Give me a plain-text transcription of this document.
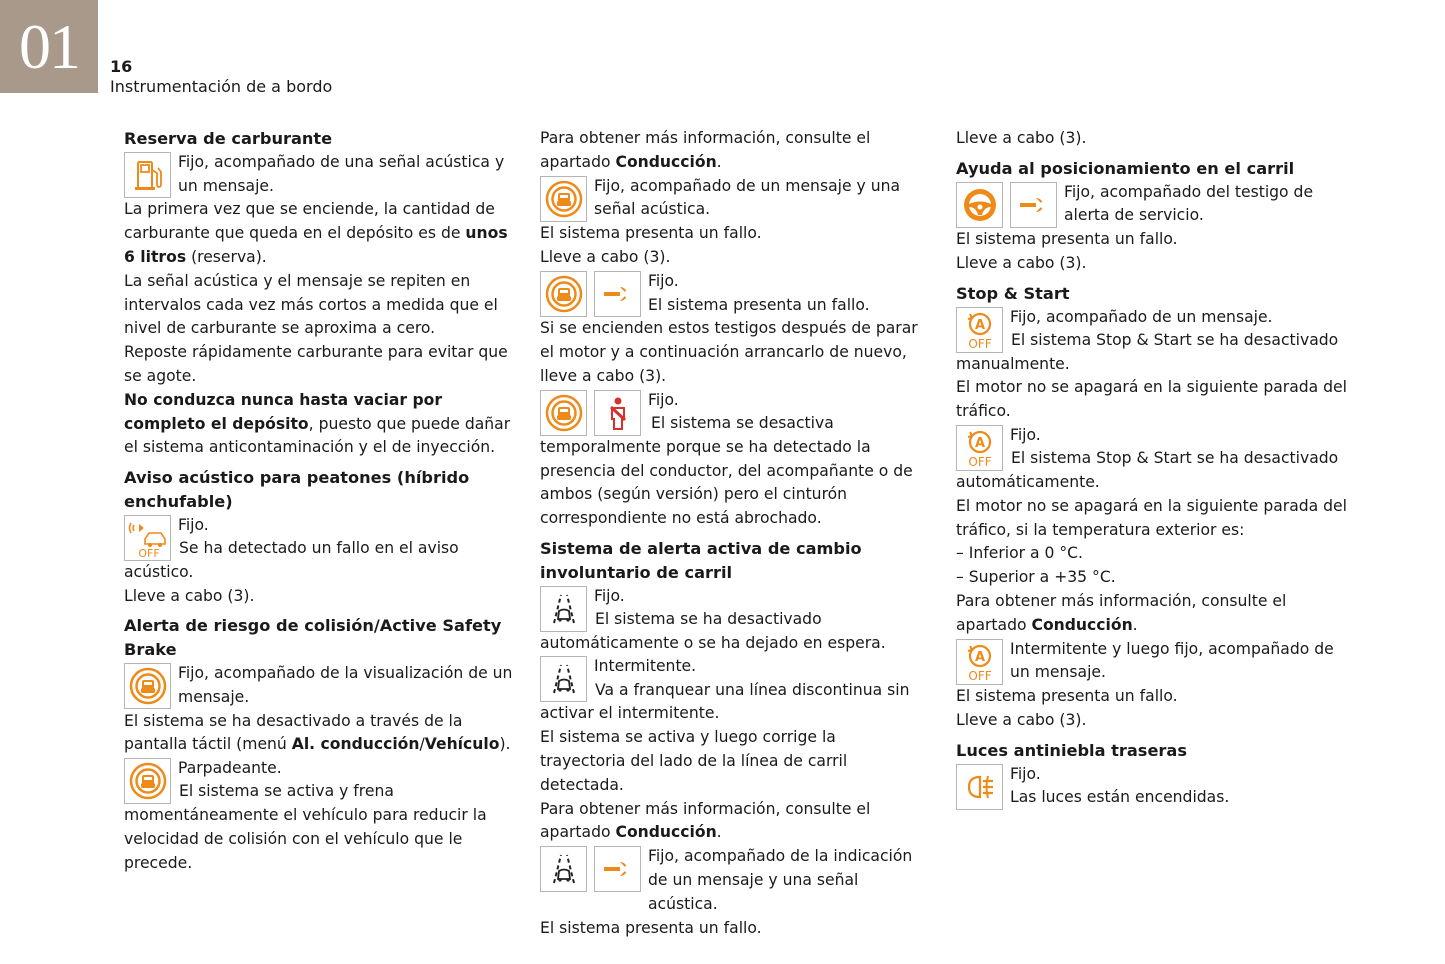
01	16
Instrumentación de a bordo
Reserva de carburante
Fijo, acompañado de una señal acústica y un mensaje.

La primera vez que se enciende, la cantidad de carburante que queda en el depósito es de unos 6 litros (reserva).

La señal acústica y el mensaje se repiten en intervalos cada vez más cortos a medida que el nivel de carburante se aproxima a cero.

Reposte rápidamente carburante para evitar que se agote.

No conduzca nunca hasta vaciar por completo el depósito, puesto que puede dañar el sistema anticontaminación y el de inyección.

Aviso acústico para peatones (híbrido enchufable)
OFF
Fijo.

Se ha detectado un fallo en el aviso acústico.

Lleve a cabo (3).

Alerta de riesgo de colisión/Active Safety Brake
Fijo, acompañado de la visualización de un mensaje.

El sistema se ha desactivado a través de la pantalla táctil (menú Al. conducción/Vehículo).

Parpadeante.

El sistema se activa y frena momentáneamente el vehículo para reducir la velocidad de colisión con el vehículo que le precede.

Para obtener más información, consulte el apartado Conducción.

Fijo, acompañado de un mensaje y una señal acústica.

El sistema presenta un fallo.

Lleve a cabo (3).

Fijo.
El sistema presenta un fallo.

Si se encienden estos testigos después de parar el motor y a continuación arrancarlo de nuevo, lleve a cabo (3).

Fijo.

El sistema se desactiva temporalmente porque se ha detectado la presencia del conductor, del acompañante o de ambos (según versión) pero el cinturón correspondiente no está abrochado.

Sistema de alerta activa de cambio involuntario de carril
Fijo.

El sistema se ha desactivado automáticamente o se ha dejado en espera.

Intermitente.

Va a franquear una línea discontinua sin activar el intermitente.

El sistema se activa y luego corrige la trayectoria del lado de la línea de carril detectada.

Para obtener más información, consulte el apartado Conducción.

Fijo, acompañado de la indicación de un mensaje y una señal acústica.

El sistema presenta un fallo.

Lleve a cabo (3).

Ayuda al posicionamiento en el carril
Fijo, acompañado del testigo de alerta de servicio.

El sistema presenta un fallo.

Lleve a cabo (3).

Stop & Start
OFF
Fijo, acompañado de un mensaje.

El sistema Stop & Start se ha desactivado manualmente.

El motor no se apagará en la siguiente parada del tráfico.

OFF
Fijo.

El sistema Stop & Start se ha desactivado automáticamente.

El motor no se apagará en la siguiente parada del tráfico, si la temperatura exterior es:

– Inferior a 0 °C.

– Superior a +35 °C.

Para obtener más información, consulte el apartado Conducción.

OFF
Intermitente y luego fijo, acompañado de un mensaje.

El sistema presenta un fallo.

Lleve a cabo (3).

Luces antiniebla traseras
Fijo.
Las luces están encendidas.
